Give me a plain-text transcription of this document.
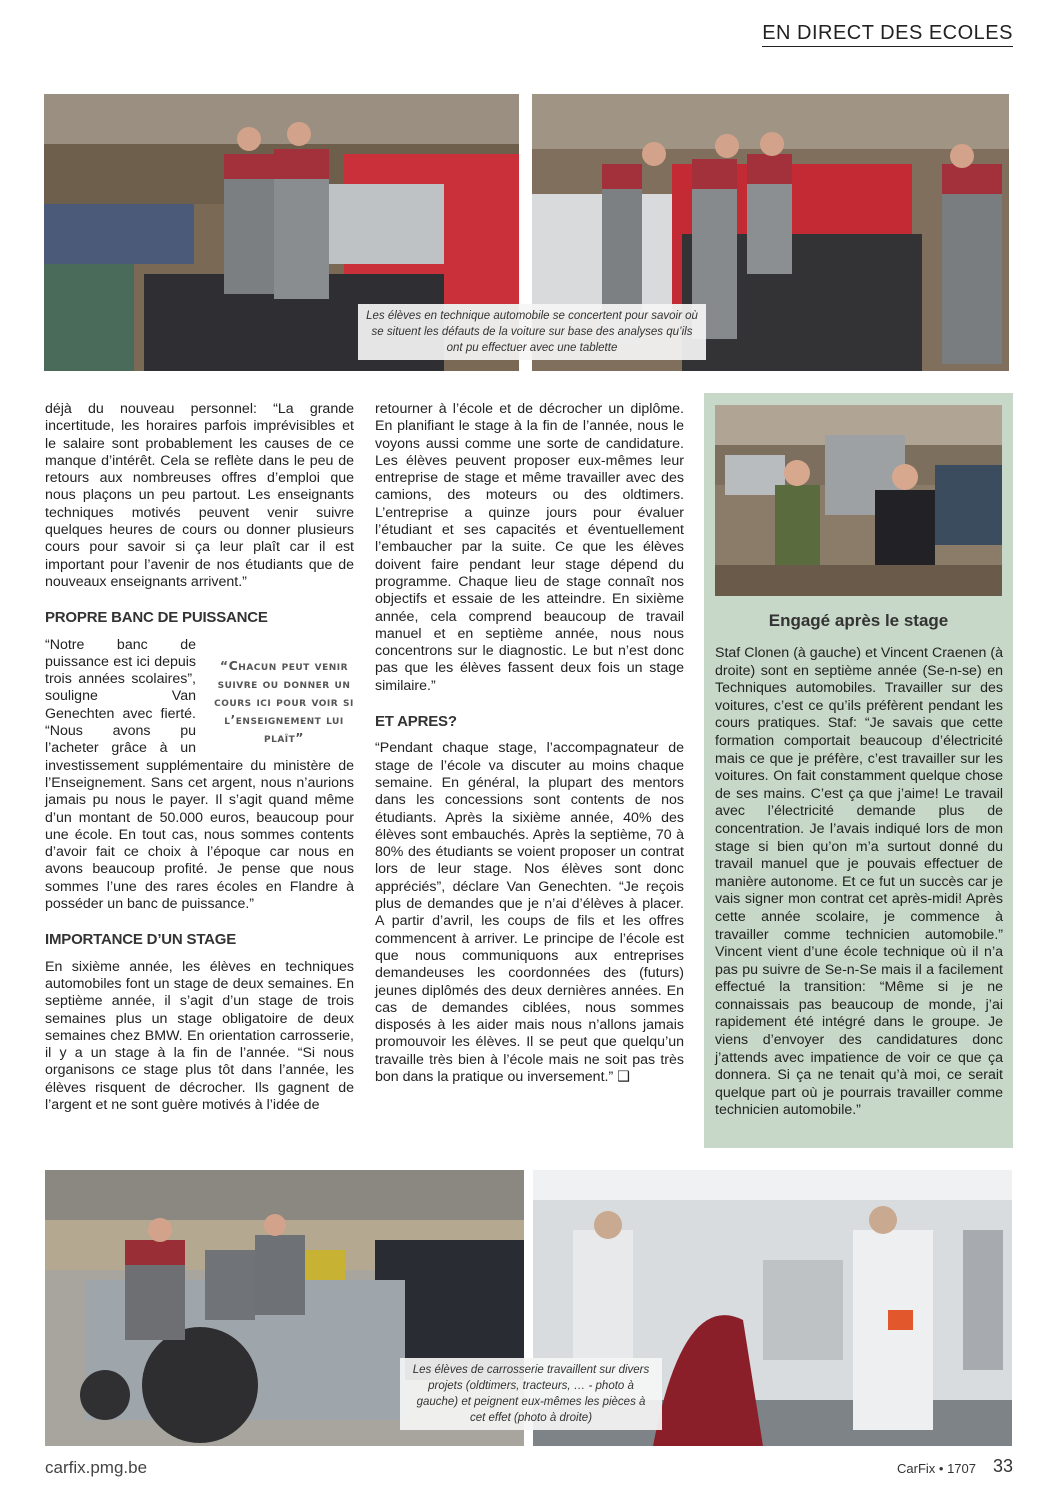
EN DIRECT DES ECOLES
Les élèves en technique automobile se concertent pour savoir où se situent les défauts de la voiture sur base des analyses qu’ils ont pu effectuer avec une tablette

déjà du nouveau personnel: “La grande incertitude, les horaires parfois imprévisibles et le salaire sont probablement les causes de ce manque d’intérêt. Cela se reflète dans le peu de retours aux nombreuses offres d’emploi que nous plaçons un peu partout. Les enseignants techniques motivés peuvent venir suivre quelques heures de cours ou donner plusieurs cours pour savoir si ça leur plaît car il est important pour l’avenir de nos étudiants que de nouveaux enseignants arrivent.”

PROPRE BANC DE PUISSANCE

“Chacun peut venir suivre ou donner un cours ici pour voir si l’enseignement lui plaît”
“Notre banc de puissance est ici depuis trois années scolaires”, souligne Van Genechten avec fierté. “Nous avons pu l’acheter grâce à un investissement supplémentaire du ministère de l’Enseignement. Sans cet argent, nous n’aurions jamais pu nous le payer. Il s’agit quand même d’un montant de 50.000 euros, beaucoup pour une école. En tout cas, nous sommes contents d’avoir fait ce choix à l’époque car nous en avons beaucoup profité. Je pense que nous sommes l’une des rares écoles en Flandre à posséder un banc de puissance.”

IMPORTANCE D’UN STAGE

En sixième année, les élèves en techniques automobiles font un stage de deux semaines. En septième année, il s’agit d’un stage de trois semaines plus un stage obligatoire de deux semaines chez BMW. En orientation carrosserie, il y a un stage à la fin de l’année. “Si nous organisons ce stage plus tôt dans l’année, les élèves risquent de décrocher. Ils gagnent de l’argent et ne sont guère motivés à l’idée de

retourner à l’école et de décrocher un diplôme. En planifiant le stage à la fin de l’année, nous le voyons aussi comme une sorte de candidature. Les élèves peuvent proposer eux-mêmes leur entreprise de stage et même travailler avec des camions, des moteurs ou des oldtimers. L’entreprise a quinze jours pour évaluer l’étudiant et ses capacités et éventuellement l’embaucher par la suite. Ce que les élèves doivent faire pendant leur stage dépend du programme. Chaque lieu de stage connaît nos objectifs et essaie de les atteindre. En sixième année, cela comprend beaucoup de travail manuel et en septième année, nous nous concentrons sur le diagnostic. Le but n’est donc pas que les élèves fassent deux fois un stage similaire.”

ET APRES?

“Pendant chaque stage, l’accompagnateur de stage de l’école va discuter au moins chaque semaine. En général, la plupart des mentors dans les concessions sont contents de nos étudiants. Après la sixième année, 40% des élèves sont embauchés. Après la septième, 70 à 80% des étudiants se voient proposer un contrat lors de leur stage. Nos élèves sont donc appréciés”, déclare Van Genechten. “Je reçois plus de demandes que je n’ai d’élèves à placer. A partir d’avril, les coups de fils et les offres commencent à arriver. Le principe de l’école est que nous communiquons aux entreprises demandeuses les coordonnées des (futurs) jeunes diplômés des deux dernières années. En cas de demandes ciblées, nous sommes disposés à les aider mais nous n’allons jamais promouvoir les élèves. Il se peut que quelqu’un travaille très bien à l’école mais ne soit pas très bon dans la pratique ou inversement.” ❑

Engagé après le stage
Staf Clonen (à gauche) et Vincent Craenen (à droite) sont en septième année (Se-n-se) en Techniques automobiles. Travailler sur des voitures, c’est ce qu’ils préfèrent pendant les cours pratiques. Staf: “Je savais que cette formation comportait beaucoup d’électricité mais ce que je préfère, c’est travailler sur les voitures. On fait constamment quelque chose de ses mains. C’est ça que j’aime! Le travail avec l’électricité demande plus de concentration. Je l’avais indiqué lors de mon stage si bien qu’on m’a surtout donné du travail manuel que je pouvais effectuer de manière autonome. Et ce fut un succès car je vais signer mon contrat cet après-midi! Après cette année scolaire, je commence à travailler comme technicien automobile.” Vincent vient d’une école technique où il n’a pas pu suivre de Se-n-Se mais il a facilement effectué la transition: “Même si je ne connaissais pas beaucoup de monde, j’ai rapidement été intégré dans le groupe. Je viens d’envoyer des candidatures donc j’attends avec impatience de voir ce que ça donnera. Si ça ne tenait qu’à moi, ce serait quelque part où je pourrais travailler comme technicien automobile.”
Les élèves de carrosserie travaillent sur divers projets (oldtimers, tracteurs, … - photo à gauche) et peignent eux-mêmes les pièces à cet effet (photo à droite)
carfix.pmg.be	CarFix • 1707 33
